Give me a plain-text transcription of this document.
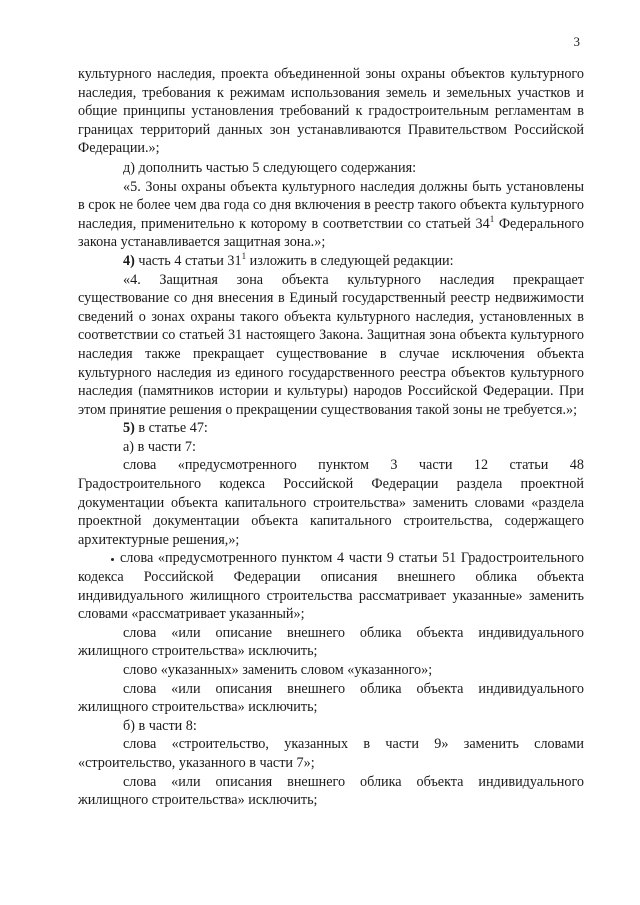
3

культурного наследия, проекта объединенной зоны охраны объектов культурного наследия, требования к режимам использования земель и земельных участков и общие принципы установления требований к градостроительным регламентам в границах территорий данных зон устанавливаются Правительством Российской Федерации.»;

д) дополнить частью 5 следующего содержания:

«5. Зоны охраны объекта культурного наследия должны быть установлены в срок не более чем два года со дня включения в реестр такого объекта культурного наследия, применительно к которому в соответствии со статьей $34^1$ Федерального закона устанавливается защитная зона.»;

4) часть 4 статьи $31^1$ изложить в следующей редакции:

«4. Защитная зона объекта культурного наследия прекращает существование со дня внесения в Единый государственный реестр недвижимости сведений о зонах охраны такого объекта культурного наследия, установленных в соответствии со статьей 31 настоящего Закона. Защитная зона объекта культурного наследия также прекращает существование в случае исключения объекта культурного наследия из единого государственного реестра объектов культурного наследия (памятников истории и культуры) народов Российской Федерации. При этом принятие решения о прекращении существования такой зоны не требуется.»;

5) в статье 47:

а) в части 7:

слова «предусмотренного пунктом 3 части 12 статьи 48 Градостроительного кодекса Российской Федерации раздела проектной документации объекта капитального строительства» заменить словами «раздела проектной документации объекта капитального строительства, содержащего архитектурные решения,»;

слова «предусмотренного пунктом 4 части 9 статьи 51 Градостроительного кодекса Российской Федерации описания внешнего облика объекта индивидуального жилищного строительства рассматривает указанные» заменить словами «рассматривает указанный»;

слова «или описание внешнего облика объекта индивидуального жилищного строительства» исключить;

слово «указанных» заменить словом «указанного»;

слова «или описания внешнего облика объекта индивидуального жилищного строительства» исключить;

б) в части 8:

слова «строительство, указанных в части 9» заменить словами «строительство, указанного в части 7»;

слова «или описания внешнего облика объекта индивидуального жилищного строительства» исключить;
